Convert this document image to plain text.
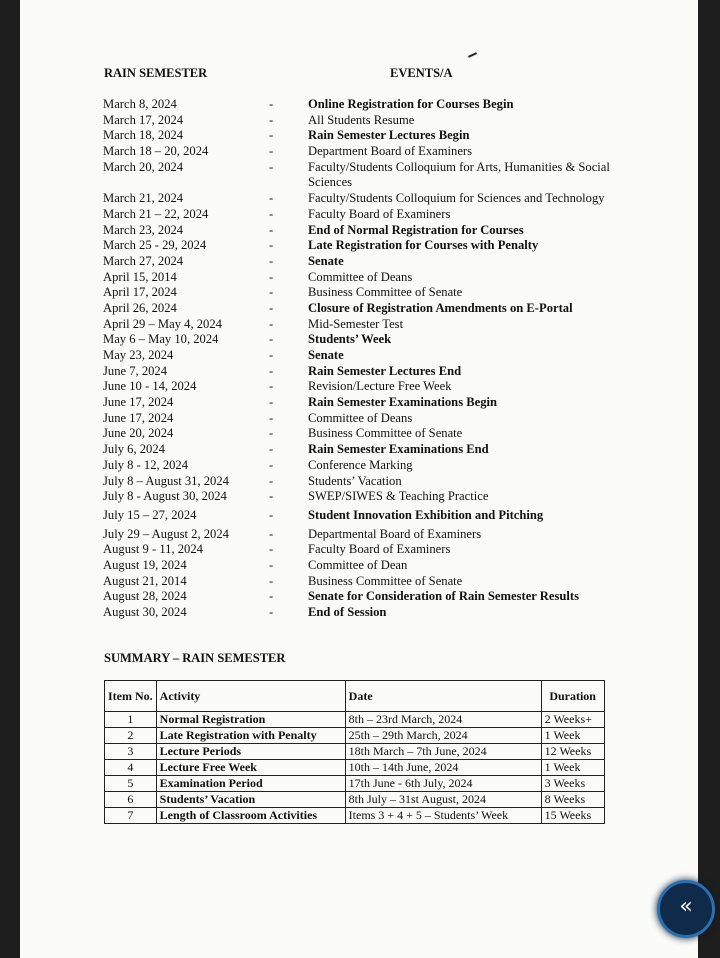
RAIN SEMESTER	EVENTS/A
March 8, 2024	-	Online Registration for Courses Begin
March 17, 2024	-	All Students Resume
March 18, 2024	-	Rain Semester Lectures Begin
March 18 – 20, 2024	-	Department Board of Examiners
March 20, 2024	-	Faculty/Students Colloquium for Arts, Humanities & Social Sciences
March 21, 2024	-	Faculty/Students Colloquium for Sciences and Technology
March 21 – 22, 2024	-	Faculty Board of Examiners
March 23, 2024	-	End of Normal Registration for Courses
March 25 - 29, 2024	-	Late Registration for Courses with Penalty
March 27, 2024	-	Senate
April 15, 2014	-	Committee of Deans
April 17, 2024	-	Business Committee of Senate
April 26, 2024	-	Closure of Registration Amendments on E-Portal
April 29 – May 4, 2024	-	Mid-Semester Test
May 6 – May 10, 2024	-	Students’ Week
May 23, 2024	-	Senate
June 7, 2024	-	Rain Semester Lectures End
June 10 - 14, 2024	-	Revision/Lecture Free Week
June 17, 2024	-	Rain Semester Examinations Begin
June 17, 2024	-	Committee of Deans
June 20, 2024	-	Business Committee of Senate
July 6, 2024	-	Rain Semester Examinations End
July 8 - 12, 2024	-	Conference Marking
July 8 – August 31, 2024	-	Students’ Vacation
July 8 - August 30, 2024	-	SWEP/SIWES & Teaching Practice
July 15 – 27, 2024	-	Student Innovation Exhibition and Pitching
July 29 – August 2, 2024	-	Departmental Board of Examiners
August 9 - 11, 2024	-	Faculty Board of Examiners
August 19, 2024	-	Committee of Dean
August 21, 2014	-	Business Committee of Senate
August 28, 2024	-	Senate for Consideration of Rain Semester Results
August 30, 2024	-	End of Session
SUMMARY – RAIN SEMESTER
Item No.	Activity	Date	Duration
1	Normal Registration	8th – 23rd March, 2024	2 Weeks+
2	Late Registration with Penalty	25th – 29th March, 2024	1 Week
3	Lecture Periods	18th March – 7th June, 2024	12 Weeks
4	Lecture Free Week	10th – 14th June, 2024	1 Week
5	Examination Period	17th June - 6th July, 2024	3 Weeks
6	Students’ Vacation	8th July – 31st August, 2024	8 Weeks
7	Length of Classroom Activities	Items 3 + 4 + 5 – Students’ Week	15 Weeks
«
